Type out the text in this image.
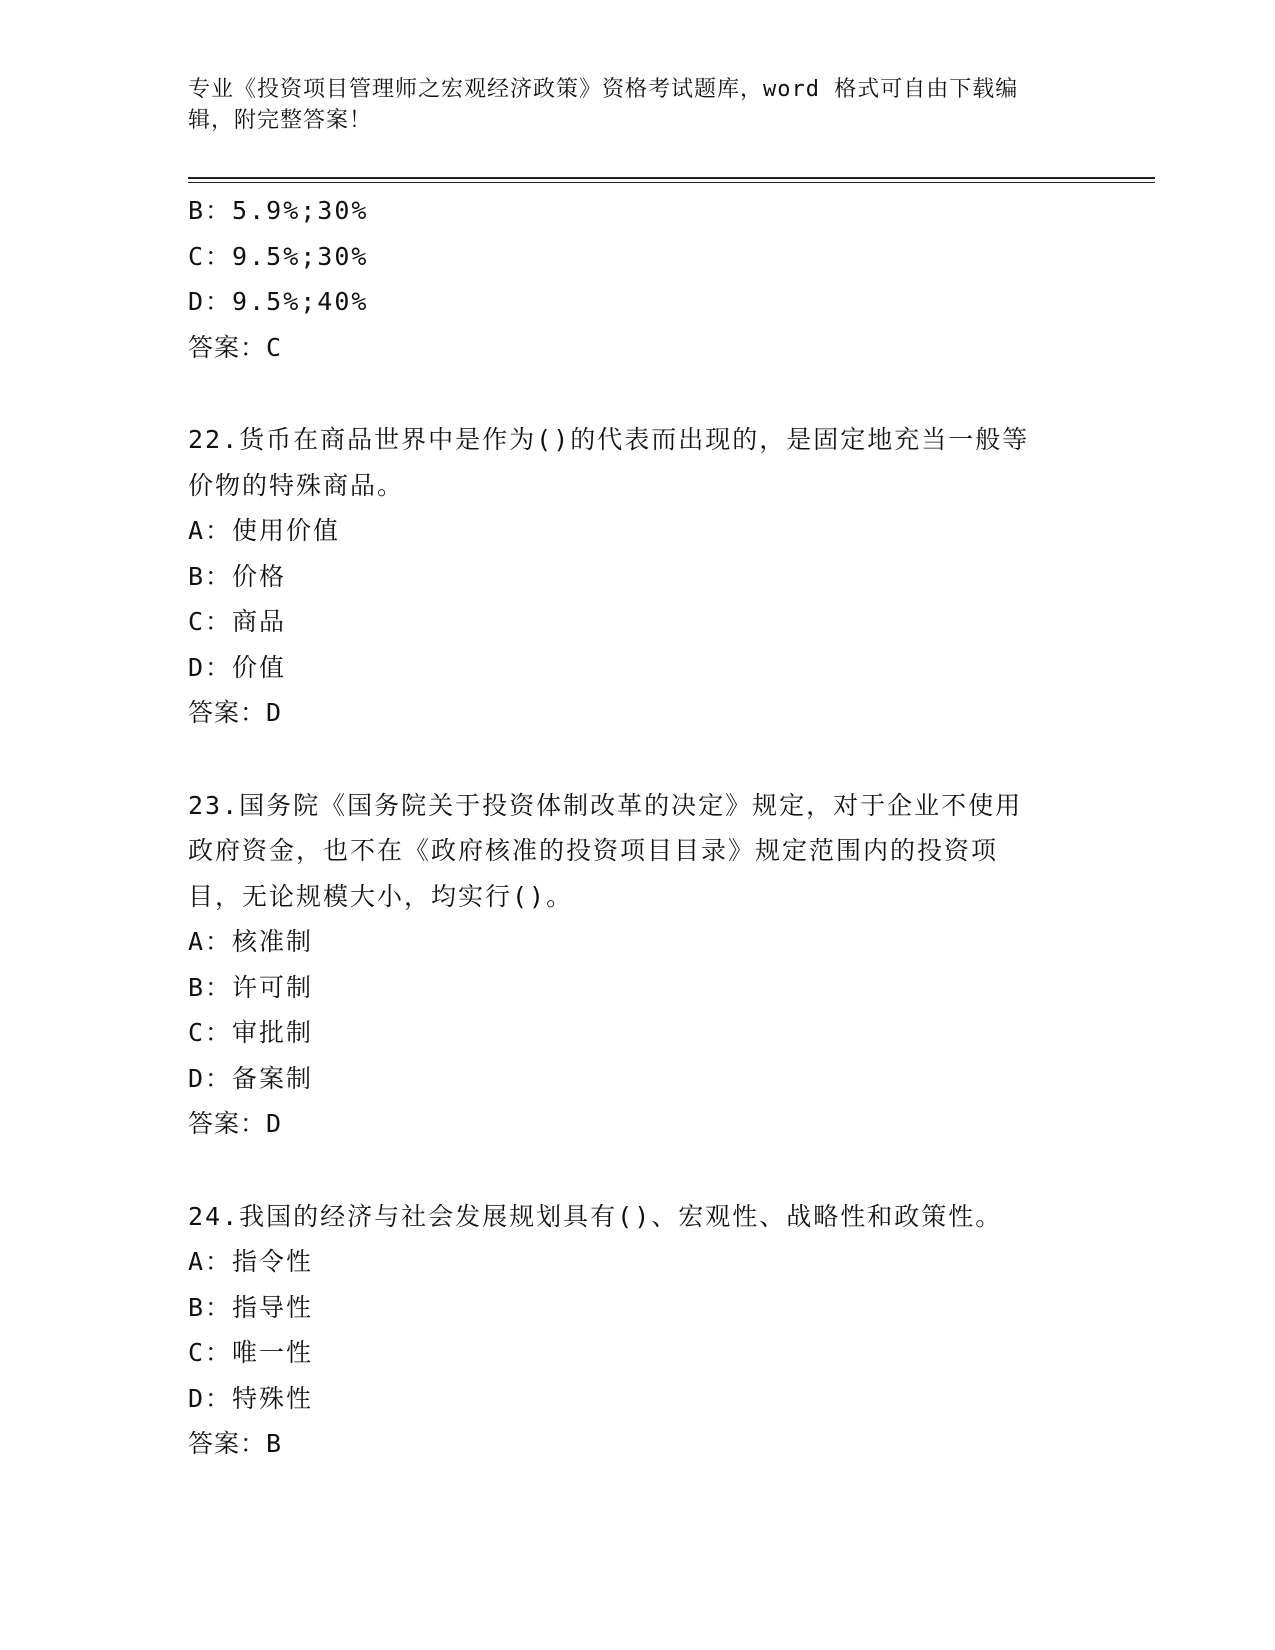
专业《投资项目管理师之宏观经济政策》资格考试题库，word 格式可自由下载编
辑，附完整答案！
B：5.9%;30%
C：9.5%;30%
D：9.5%;40%
答案：C
22.货币在商品世界中是作为()的代表而出现的，是固定地充当一般等
价物的特殊商品。
A：使用价值
B：价格
C：商品
D：价值
答案：D
23.国务院《国务院关于投资体制改革的决定》规定，对于企业不使用
政府资金，也不在《政府核准的投资项目目录》规定范围内的投资项
目，无论规模大小，均实行()。
A：核准制
B：许可制
C：审批制
D：备案制
答案：D
24.我国的经济与社会发展规划具有()、宏观性、战略性和政策性。
A：指令性
B：指导性
C：唯一性
D：特殊性
答案：B
